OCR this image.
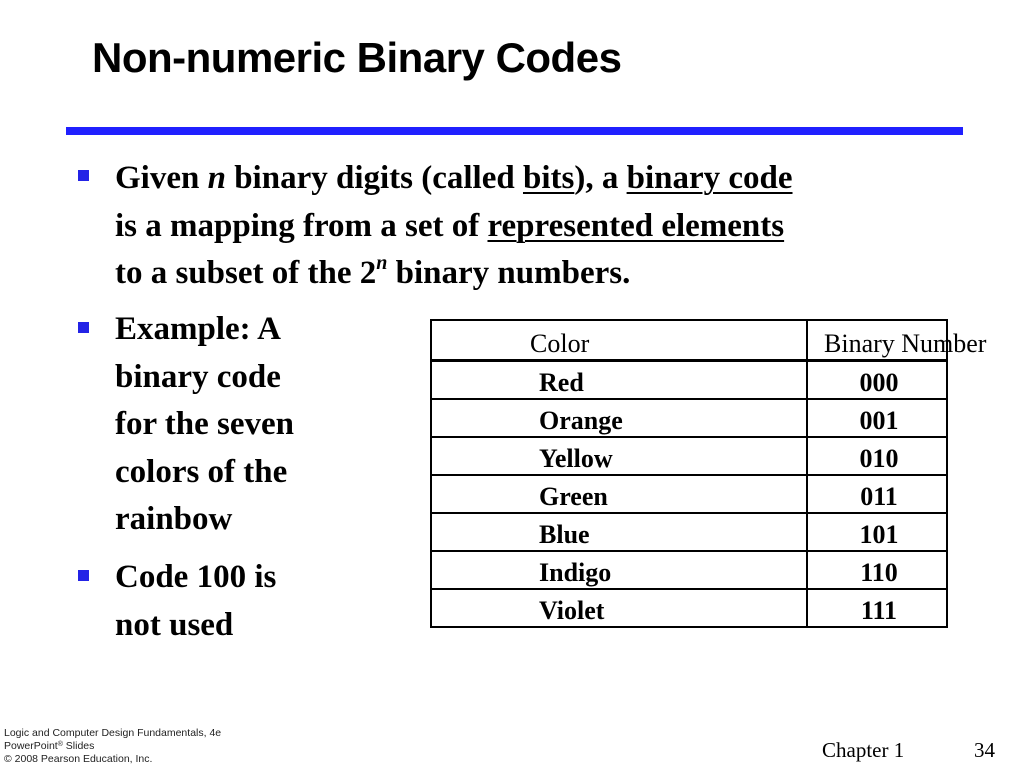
Non-numeric Binary Codes
Given n binary digits (called bits), a binary code
is a mapping from a set of represented elements
to a subset of the 2$^n$ binary numbers.
Example: A
binary code
for the seven
colors of the
rainbow
Code 100 is
not used
Color	Binary Number
Red	000
Orange	001
Yellow	010
Green	011
Blue	101
Indigo	110
Violet	111
Logic and Computer Design Fundamentals, 4e
PowerPoint® Slides
© 2008 Pearson Education, Inc.	Chapter 1	34
